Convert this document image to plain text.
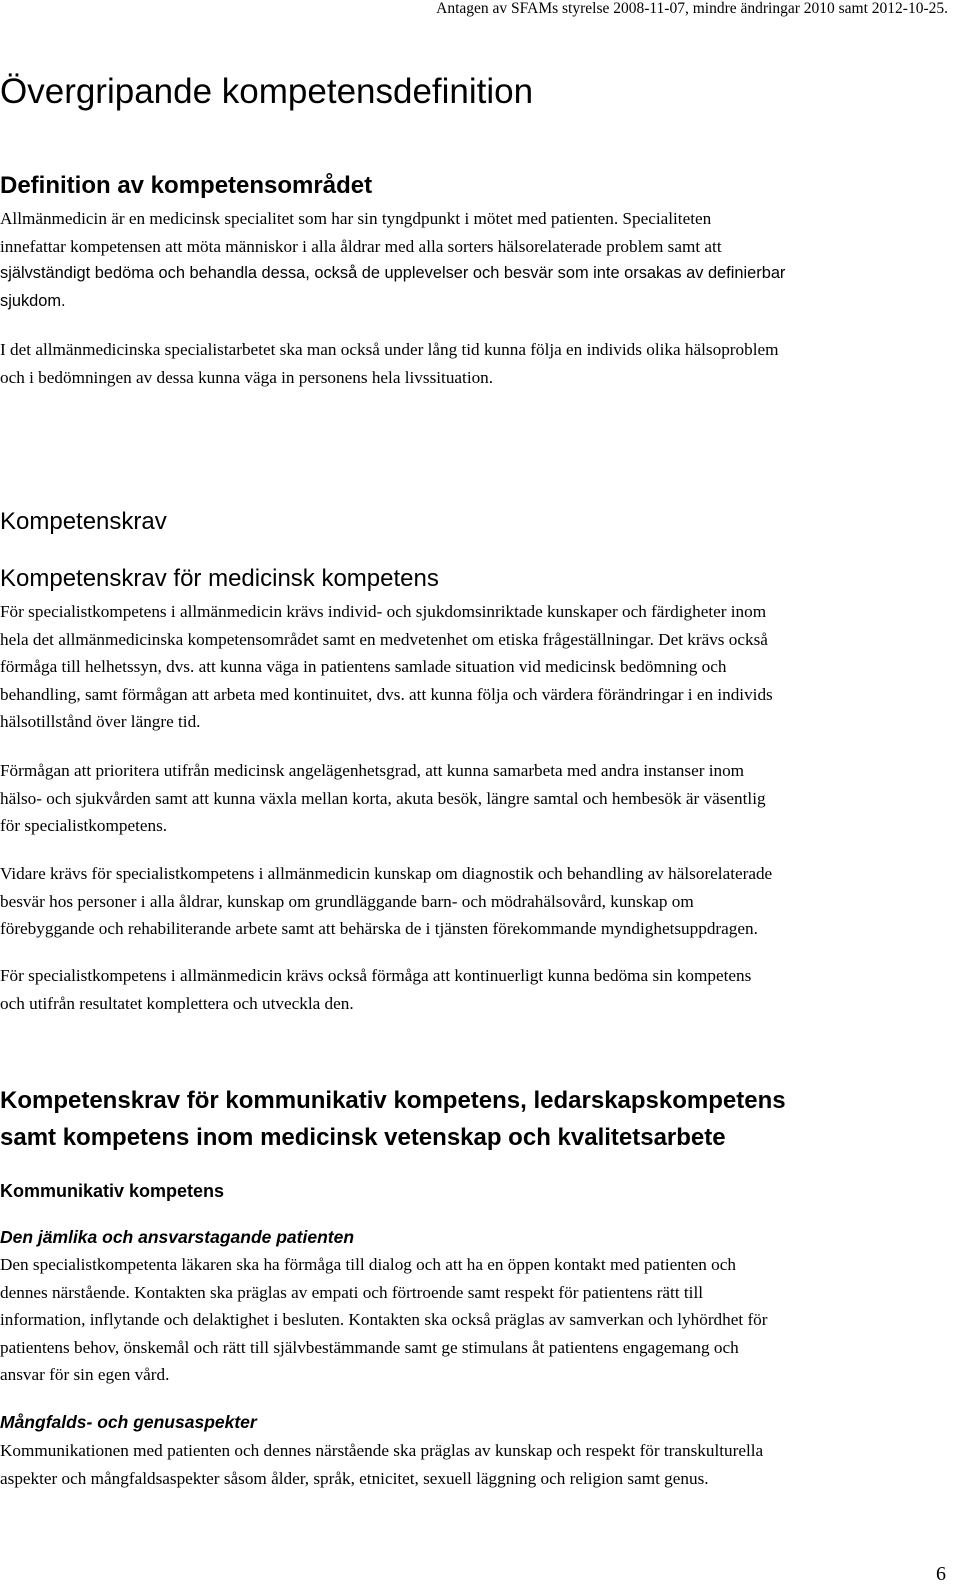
Antagen av SFAMs styrelse 2008-11-07, mindre ändringar 2010 samt 2012-10-25.
Övergripande kompetensdefinition
Definition av kompetensområdet

Allmänmedicin är en medicinsk specialitet som har sin tyngdpunkt i mötet med patienten. Specialiteten
innefattar kompetensen att möta människor i alla åldrar med alla sorters hälsorelaterade problem samt att
självständigt bedöma och behandla dessa, också de upplevelser och besvär som inte orsakas av definierbar
sjukdom.

I det allmänmedicinska specialistarbetet ska man också under lång tid kunna följa en individs olika hälsoproblem
och i bedömningen av dessa kunna väga in personens hela livssituation.

Kompetenskrav
Kompetenskrav för medicinsk kompetens

För specialistkompetens i allmänmedicin krävs individ- och sjukdomsinriktade kunskaper och färdigheter inom
hela det allmänmedicinska kompetensområdet samt en medvetenhet om etiska frågeställningar. Det krävs också
förmåga till helhetssyn, dvs. att kunna väga in patientens samlade situation vid medicinsk bedömning och
behandling, samt förmågan att arbeta med kontinuitet, dvs. att kunna följa och värdera förändringar i en individs
hälsotillstånd över längre tid.

Förmågan att prioritera utifrån medicinsk angelägenhetsgrad, att kunna samarbeta med andra instanser inom
hälso- och sjukvården samt att kunna växla mellan korta, akuta besök, längre samtal och hembesök är väsentlig
för specialistkompetens.

Vidare krävs för specialistkompetens i allmänmedicin kunskap om diagnostik och behandling av hälsorelaterade
besvär hos personer i alla åldrar, kunskap om grundläggande barn- och mödrahälsovård, kunskap om
förebyggande och rehabiliterande arbete samt att behärska de i tjänsten förekommande myndighetsuppdragen.

För specialistkompetens i allmänmedicin krävs också förmåga att kontinuerligt kunna bedöma sin kompetens
och utifrån resultatet komplettera och utveckla den.

Kompetenskrav för kommunikativ kompetens, ledarskapskompetens
samt kompetens inom medicinsk vetenskap och kvalitetsarbete
Kommunikativ kompetens
Den jämlika och ansvarstagande patienten

Den specialistkompetenta läkaren ska ha förmåga till dialog och att ha en öppen kontakt med patienten och
dennes närstående. Kontakten ska präglas av empati och förtroende samt respekt för patientens rätt till
information, inflytande och delaktighet i besluten. Kontakten ska också präglas av samverkan och lyhördhet för
patientens behov, önskemål och rätt till självbestämmande samt ge stimulans åt patientens engagemang och
ansvar för sin egen vård.

Mångfalds- och genusaspekter

Kommunikationen med patienten och dennes närstående ska präglas av kunskap och respekt för transkulturella
aspekter och mångfaldsaspekter såsom ålder, språk, etnicitet, sexuell läggning och religion samt genus.

6
